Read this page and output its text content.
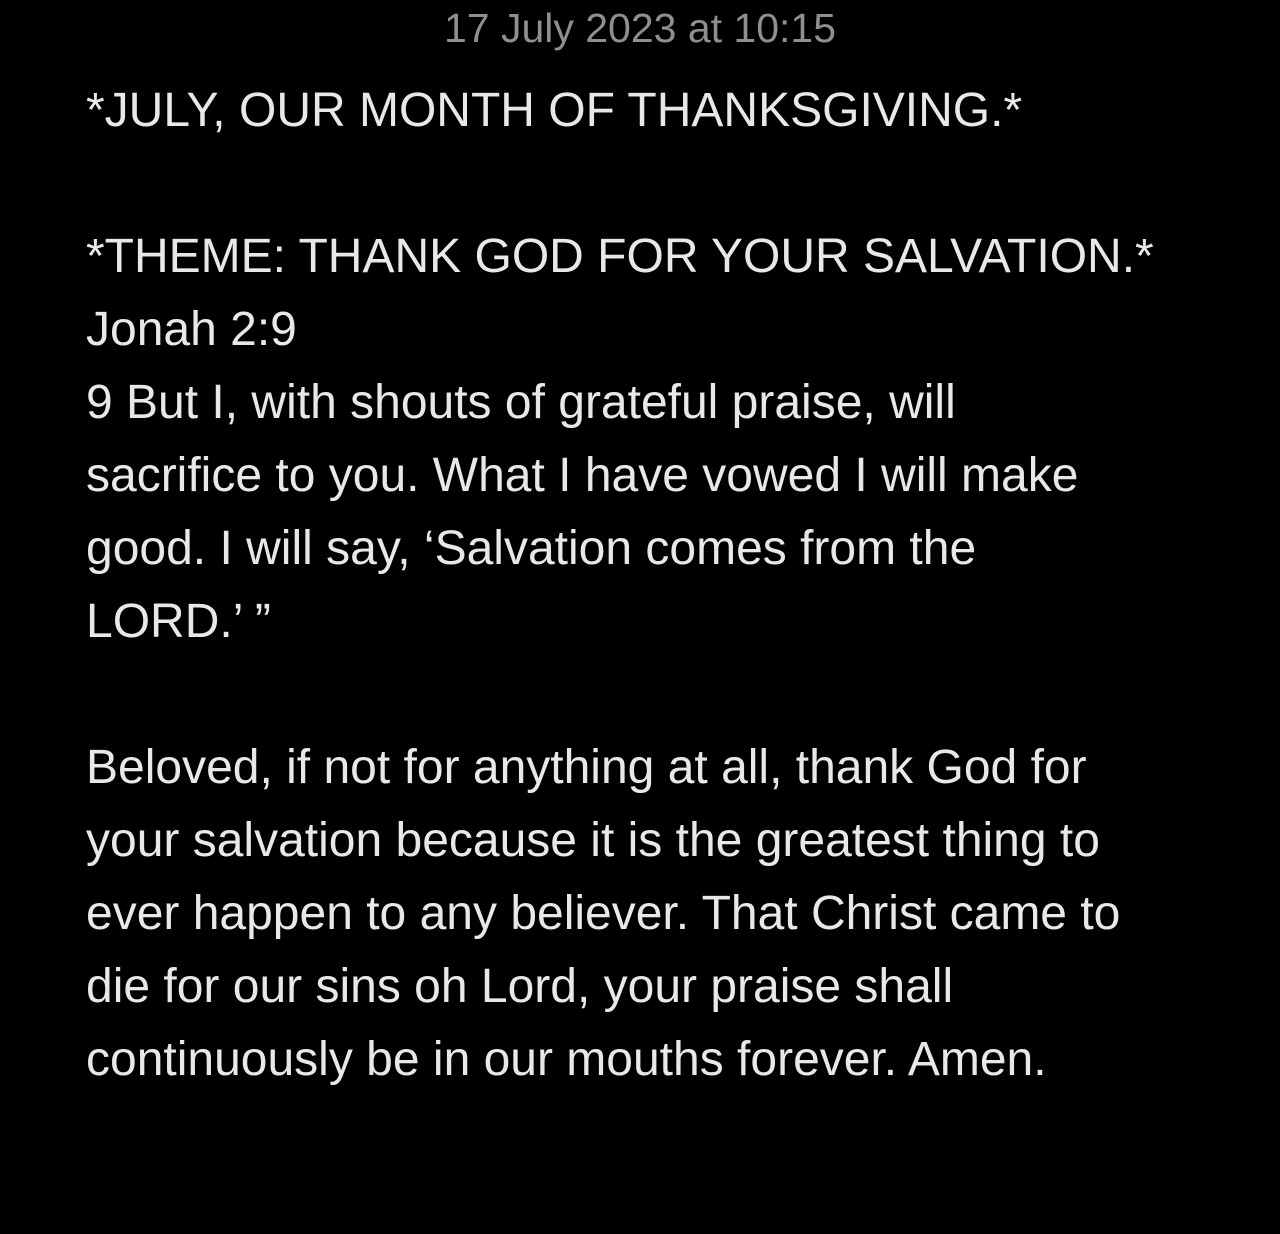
17 July 2023 at 10:15
*JULY, OUR MONTH OF THANKSGIVING.*
*THEME: THANK GOD FOR YOUR SALVATION.*
Jonah 2:9
9 But I, with shouts of grateful praise, will
sacrifice to you. What I have vowed I will make
good. I will say, ‘Salvation comes from the
LORD.’ ”
Beloved, if not for anything at all, thank God for
your salvation because it is the greatest thing to
ever happen to any believer. That Christ came to
die for our sins oh Lord, your praise shall
continuously be in our mouths forever. Amen.
